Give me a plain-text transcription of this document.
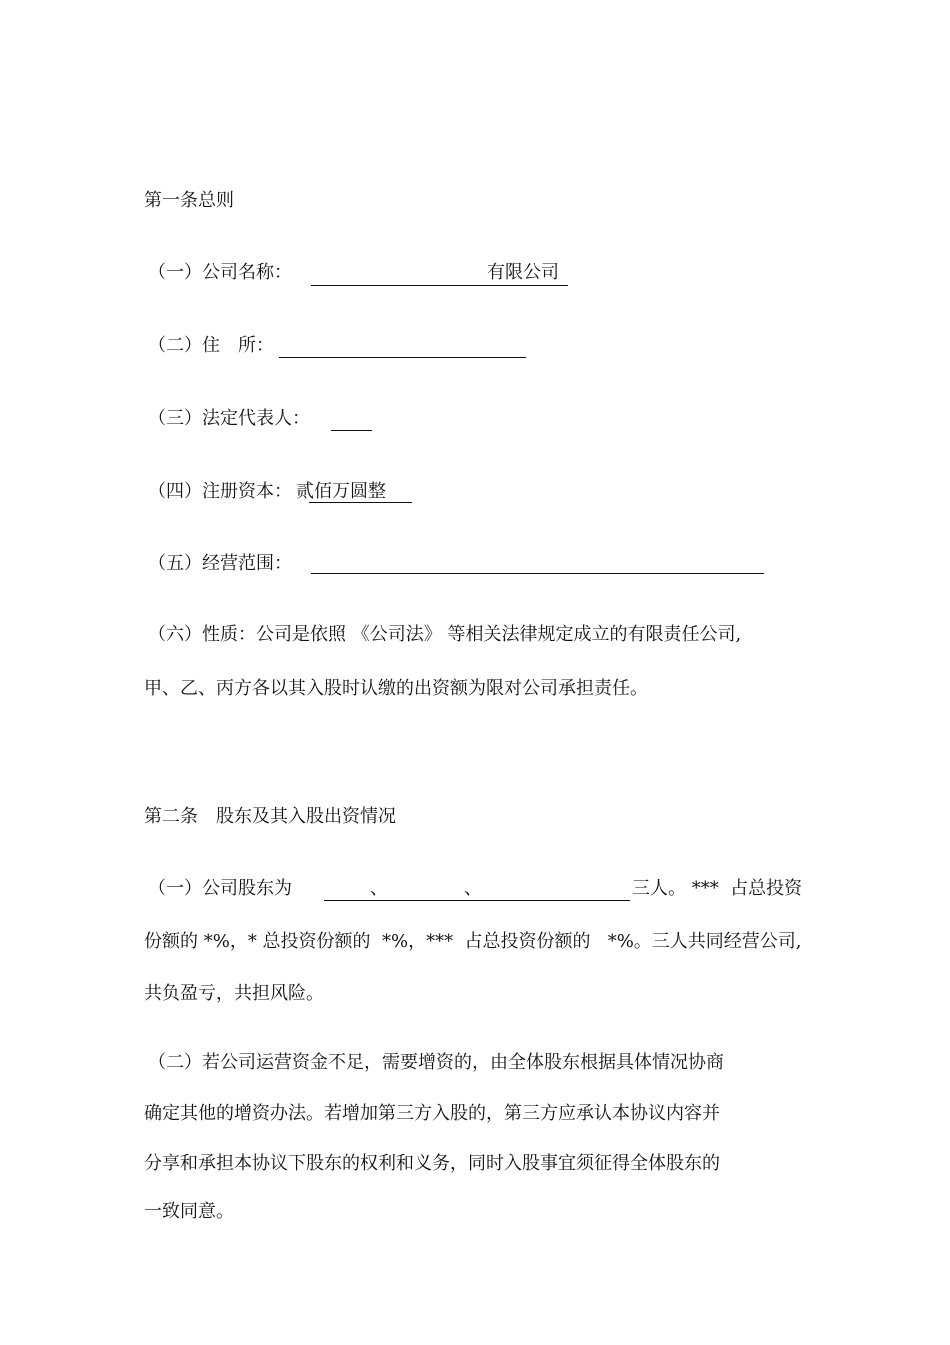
第一条总则
（一）公司名称：	有限公司
（二）住　所：
（三）法定代表人：
（四）注册资本： 贰佰万圆整
（五）经营范围：
（六）性质：公司是依照 《公司法》 等相关法律规定成立的有限责任公司,
甲、乙、丙方各以其入股时认缴的出资额为限对公司承担责任。
第二条　股东及其入股出资情况
（一）公司股东为	、	、	三人。 ***  占总投资
份额的 *%，* 总投资份额的  *%，***  占总投资份额的   *%。三人共同经营公司,
共负盈亏，共担风险。
（二）若公司运营资金不足，需要增资的，由全体股东根据具体情况协商
确定其他的增资办法。若增加第三方入股的，第三方应承认本协议内容并
分享和承担本协议下股东的权利和义务，同时入股事宜须征得全体股东的
一致同意。
